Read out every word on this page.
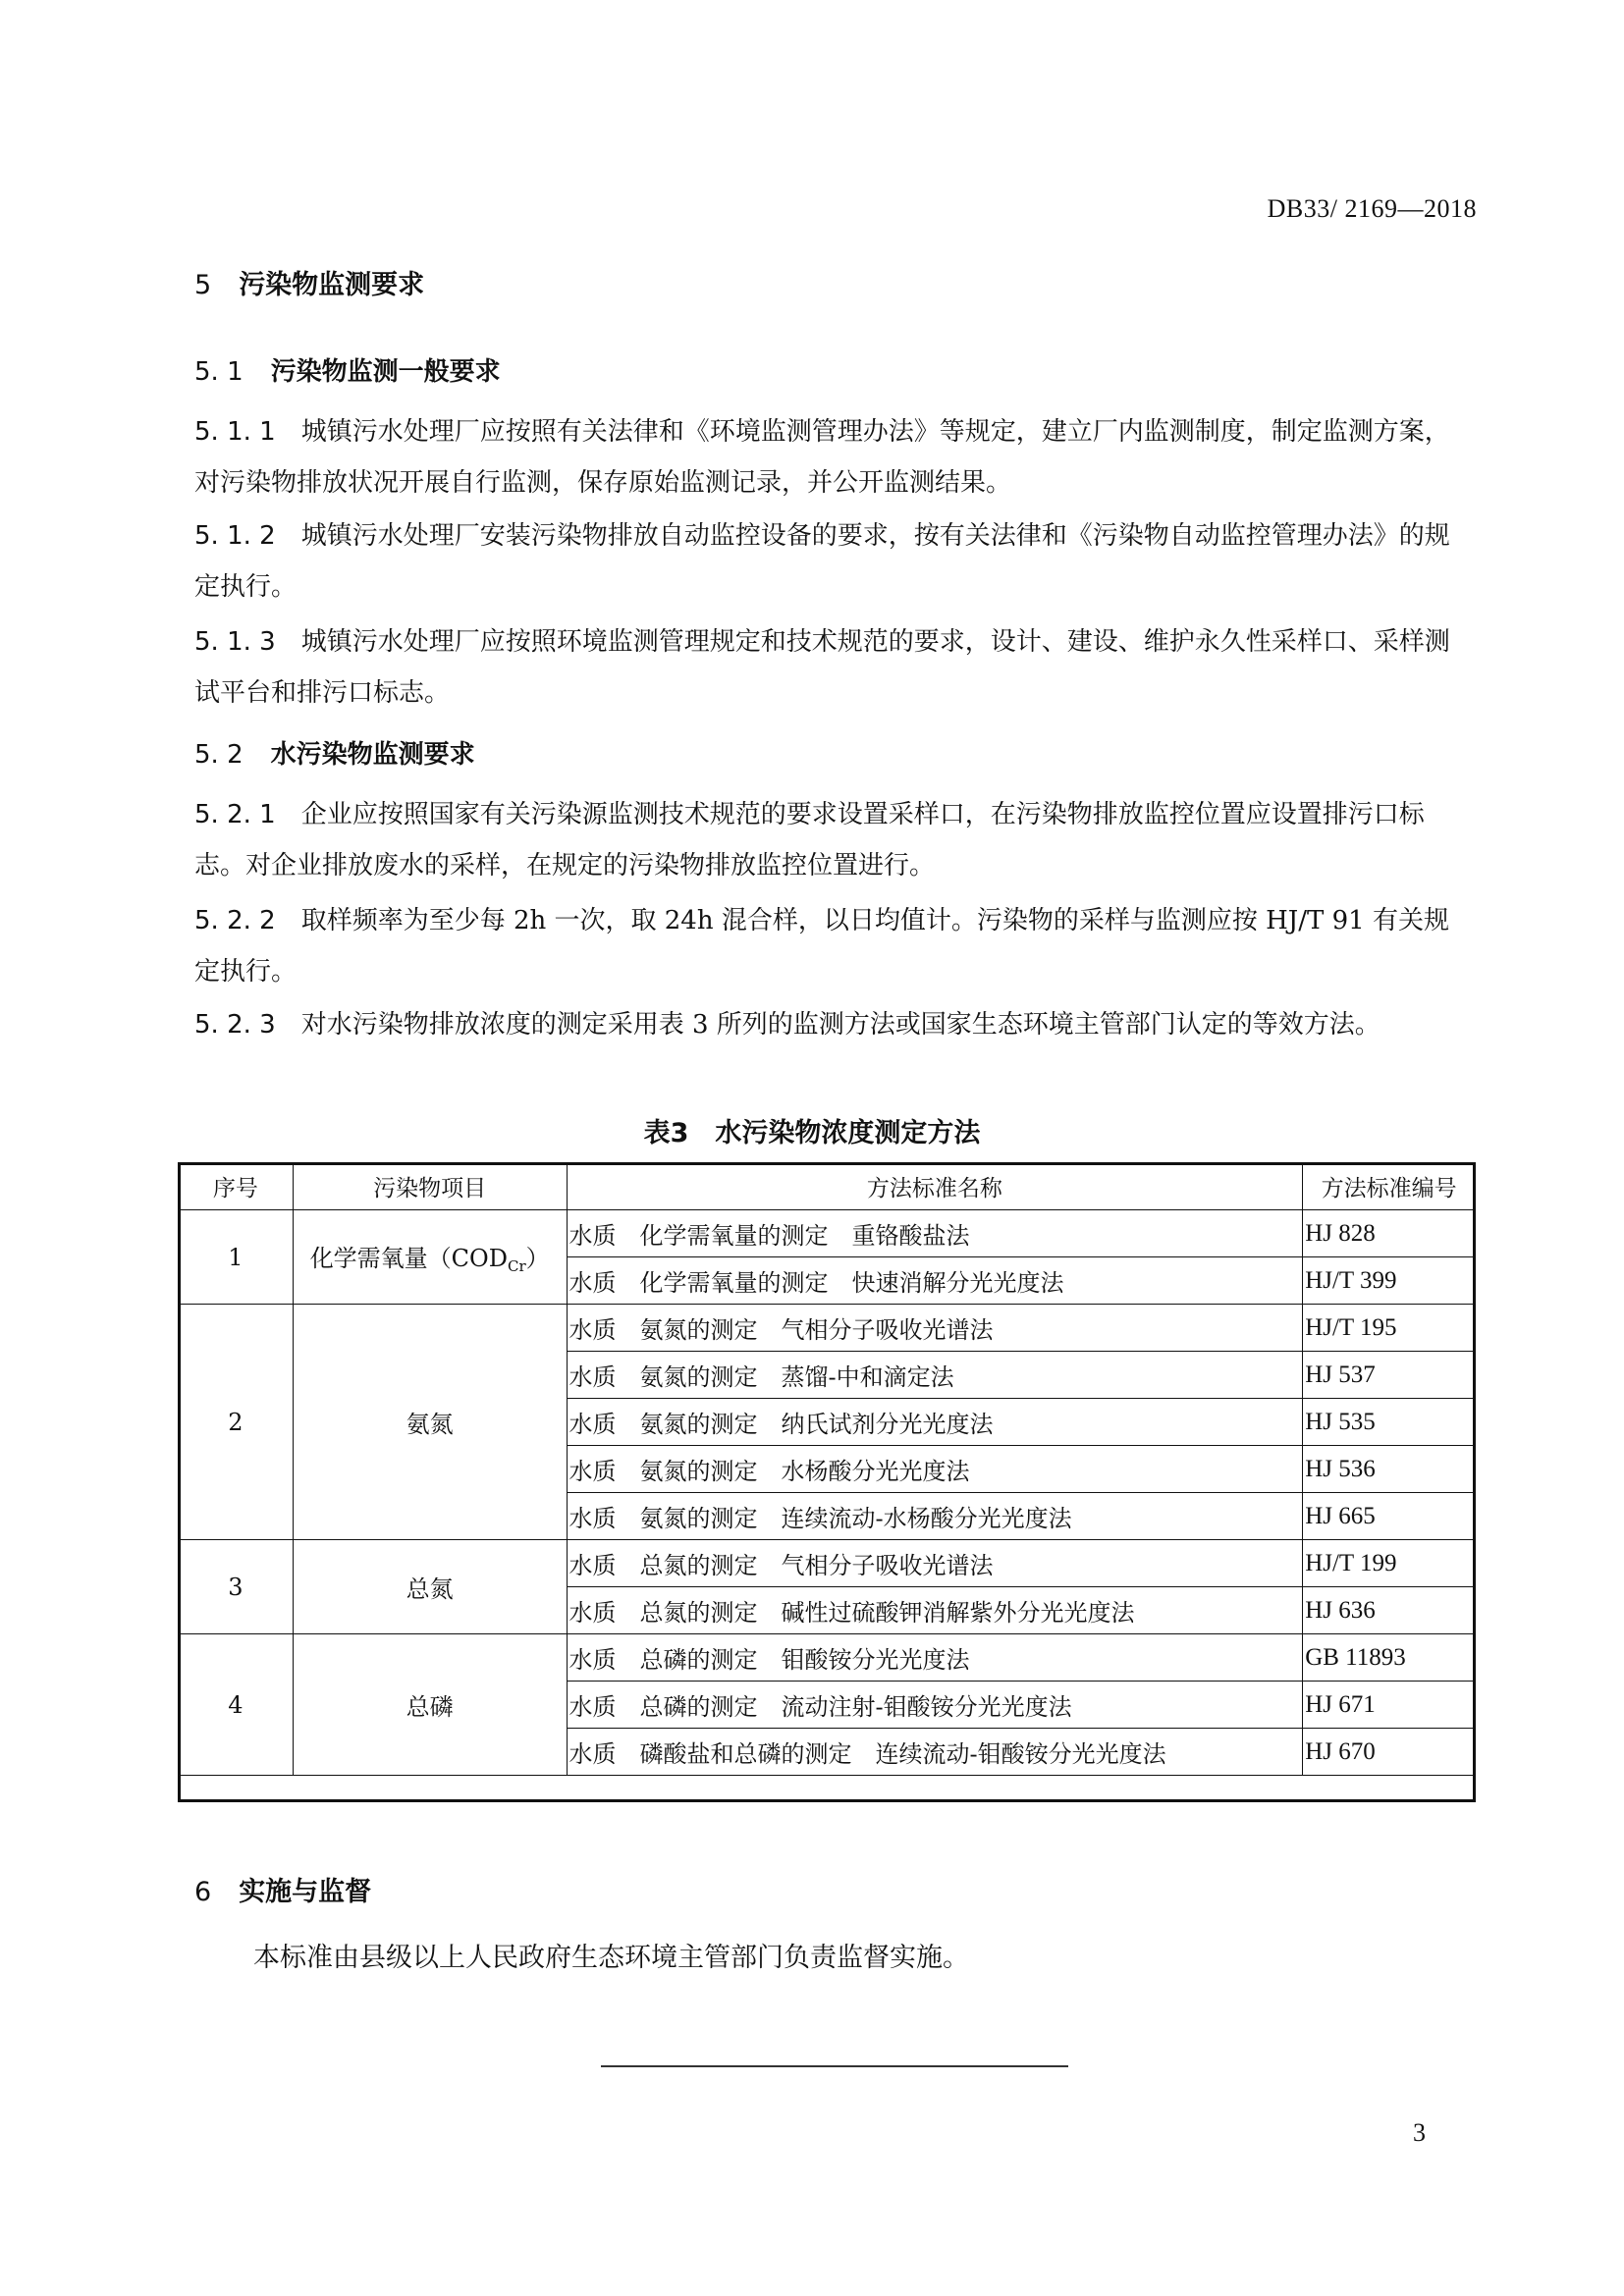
DB33/ 2169—2018
5 污染物监测要求
5. 1 污染物监测一般要求
5. 1. 1 城镇污水处理厂应按照有关法律和《环境监测管理办法》等规定，建立厂内监测制度，制定监测方案，对污染物排放状况开展自行监测，保存原始监测记录，并公开监测结果。
5. 1. 2 城镇污水处理厂安装污染物排放自动监控设备的要求，按有关法律和《污染物自动监控管理办法》的规定执行。
5. 1. 3 城镇污水处理厂应按照环境监测管理规定和技术规范的要求，设计、建设、维护永久性采样口、采样测试平台和排污口标志。
5. 2 水污染物监测要求
5. 2. 1 企业应按照国家有关污染源监测技术规范的要求设置采样口，在污染物排放监控位置应设置排污口标志。对企业排放废水的采样，在规定的污染物排放监控位置进行。
5. 2. 2 取样频率为至少每 2h 一次，取 24h 混合样，以日均值计。污染物的采样与监测应按 HJ/T 91 有关规定执行。
5. 2. 3 对水污染物排放浓度的测定采用表 3 所列的监测方法或国家生态环境主管部门认定的等效方法。
表3　水污染物浓度测定方法
序号	污染物项目	方法标准名称	方法标准编号
1	化学需氧量$(COD_{Cr})$	水质　化学需氧量的测定　重铬酸盐法	HJ 828
		水质　化学需氧量的测定　快速消解分光光度法	HJ/T 399
2	氨氮	水质　氨氮的测定　气相分子吸收光谱法	HJ/T 195
		水质　氨氮的测定　蒸馏-中和滴定法	HJ 537
		水质　氨氮的测定　纳氏试剂分光光度法	HJ 535
		水质　氨氮的测定　水杨酸分光光度法	HJ 536
		水质　氨氮的测定　连续流动-水杨酸分光光度法	HJ 665
3	总氮	水质　总氮的测定　气相分子吸收光谱法	HJ/T 199
		水质　总氮的测定　碱性过硫酸钾消解紫外分光光度法	HJ 636
4	总磷	水质　总磷的测定　钼酸铵分光光度法	GB 11893
		水质　总磷的测定　流动注射-钼酸铵分光光度法	HJ 671
		水质　磷酸盐和总磷的测定　连续流动-钼酸铵分光光度法	HJ 670
6 实施与监督
本标准由县级以上人民政府生态环境主管部门负责监督实施。
3
